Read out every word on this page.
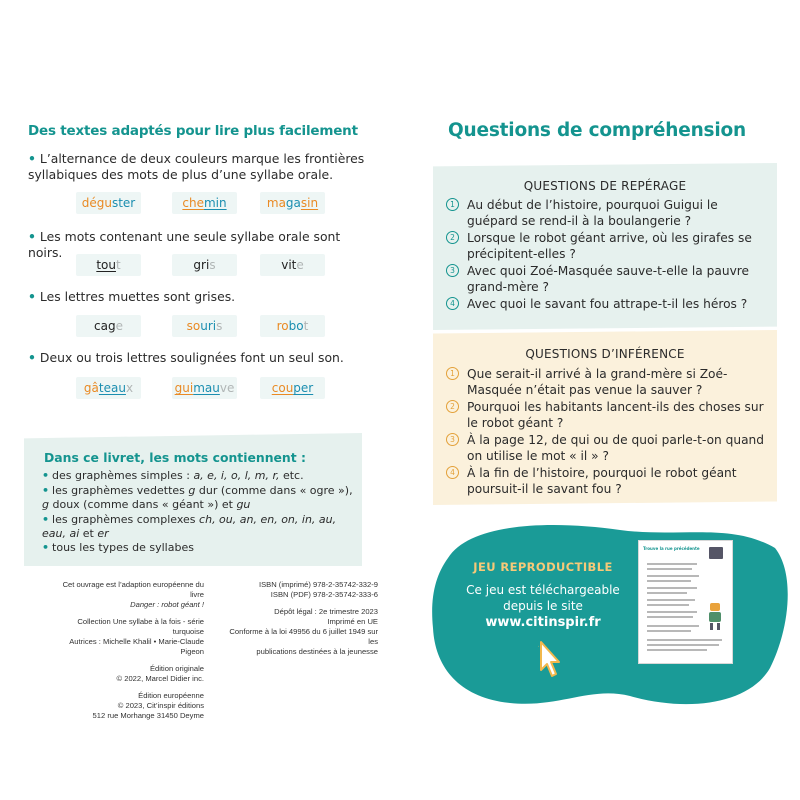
Des textes adaptés pour lire plus facilement
• L’alternance de deux couleurs marque les frontières syllabiques des mots de plus d’une syllabe orale.
déguster	chemin	magasin
• Les mots contenant une seule syllabe orale sont noirs.
tout	gris	vite
• Les lettres muettes sont grises.
cage	souris	robot
• Deux ou trois lettres soulignées font un seul son.
gâteaux	guimauve	couper
Dans ce livret, les mots contiennent :
• des graphèmes simples : a, e, i, o, l, m, r, etc.
• les graphèmes vedettes g dur (comme dans « ogre »), g doux (comme dans « géant ») et gu
• les graphèmes complexes ch, ou, an, en, on, in, au, eau, ai et er
• tous les types de syllabes
Cet ouvrage est l’adaption européenne du livre
Danger : robot géant !
Collection Une syllabe à la fois - série turquoise
Autrices : Michelle Khalil • Marie-Claude Pigeon
Édition originale
© 2022, Marcel Didier inc.
Édition européenne
© 2023, Cit’inspir éditions
512 rue Morhange 31450 Deyme
ISBN (imprimé) 978-2-35742-332-9
ISBN (PDF) 978-2-35742-333-6
Dépôt légal : 2e trimestre 2023
Imprimé en UE
Conforme à la loi 49956 du 6 juillet 1949 sur les
publications destinées à la jeunesse
Questions de compréhension
QUESTIONS DE REPÉRAGE
1 Au début de l’histoire, pourquoi Guigui le guépard se rend-il à la boulangerie ?
2 Lorsque le robot géant arrive, où les girafes se précipitent-elles ?
3 Avec quoi Zoé-Masquée sauve-t-elle la pauvre grand-mère ?
4 Avec quoi le savant fou attrape-t-il les héros ?
QUESTIONS D’INFÉRENCE
1 Que serait-il arrivé à la grand-mère si Zoé-Masquée n’était pas venue la sauver ?
2 Pourquoi les habitants lancent-ils des choses sur le robot géant ?
3 À la page 12, de qui ou de quoi parle-t-on quand on utilise le mot « il » ?
4 À la fin de l’histoire, pourquoi le robot géant poursuit-il le savant fou ?
JEU REPRODUCTIBLE
Ce jeu est téléchargeable
depuis le site
www.citinspir.fr
Trouve la rue précédente
